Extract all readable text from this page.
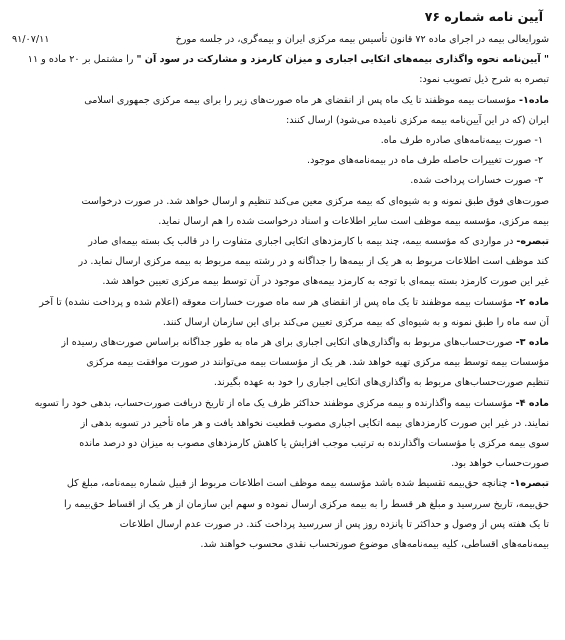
آیین نامه شماره ۷۶
شورایعالی بیمه در اجرای ماده ۷۲ قانون تأسیس بیمه مرکزی ایران و بیمه‌گری، در جلسه مورخ
۹۱/۰۷/۱۱
" آیین‌نامه نحوه واگذاری بیمه‌های اتکایی اجباری و میزان کارمزد و مشارکت در سود آن " را مشتمل بر ۲۰ ماده و ۱۱
تبصره به شرح ذیل تصویب نمود:
ماده۱- مؤسسات بیمه موظفند تا یک ماه پس از انقضای هر ماه صورت‌های زیر را برای بیمه مرکزی جمهوری اسلامی
ایران (که در این آیین‌نامه بیمه مرکزی نامیده می‌شود) ارسال کنند:
۱- صورت بیمه‌نامه‌های صادره طرف ماه.
۲- صورت تغییرات حاصله طرف ماه در بیمه‌نامه‌های موجود.
۳- صورت خسارات پرداخت شده.
صورت‌های فوق طبق نمونه و به شیوه‌ای که بیمه مرکزی معین می‌کند تنظیم و ارسال خواهد شد. در صورت درخواست
بیمه مرکزی، مؤسسه بیمه موظف است سایر اطلاعات و اسناد درخواست شده را هم ارسال نماید.
تبصره- در مواردی که مؤسسه بیمه، چند بیمه با کارمزدهای اتکایی اجباری متفاوت را در قالب یک بسته بیمه‌ای صادر
کند موظف است اطلاعات مربوط به هر یک از بیمه‌ها را جداگانه و در رشته بیمه مربوط به بیمه مرکزی ارسال نماید. در
غیر این صورت کارمزد بسته بیمه‌ای با توجه به کارمزد بیمه‌های موجود در آن توسط بیمه مرکزی تعیین خواهد شد.
ماده ۲- مؤسسات بیمه موظفند تا یک ماه پس از انقضای هر سه ماه صورت خسارات معوقه (اعلام شده و پرداخت نشده) تا آخر
آن سه ماه را طبق نمونه و به شیوه‌ای که بیمه مرکزی تعیین می‌کند برای این سازمان ارسال کنند.
ماده ۳- صورت‌حساب‌های مربوط به واگذاری‌های اتکایی اجباری برای هر ماه به طور جداگانه براساس صورت‌های رسیده از
مؤسسات بیمه توسط بیمه مرکزی تهیه خواهد شد. هر یک از مؤسسات بیمه می‌توانند در صورت موافقت بیمه مرکزی
تنظیم صورت‌حساب‌های مربوط به واگذاری‌های اتکایی اجباری را خود به عهده بگیرند.
ماده ۴- مؤسسات بیمه واگذارنده و بیمه مرکزی موظفند حداکثر ظرف یک ماه از تاریخ دریافت صورت‌حساب، بدهی خود را تسویه
نمایند. در غیر این صورت کارمزدهای بیمه اتکایی اجباری مصوب قطعیت نخواهد یافت و هر ماه تأخیر در تسویه بدهی از
سوی بیمه مرکزی یا مؤسسات واگذارنده به ترتیب موجب افزایش یا کاهش کارمزدهای مصوب به میزان دو درصد مانده
صورت‌حساب خواهد بود.
تبصره۱- چنانچه حق‌بیمه تقسیط شده باشد مؤسسه بیمه موظف است اطلاعات مربوط از قبیل شماره بیمه‌نامه، مبلغ کل
حق‌بیمه، تاریخ سررسید و مبلغ هر قسط را به بیمه مرکزی ارسال نموده و سهم این سازمان از هر یک از اقساط حق‌بیمه را
تا یک هفته پس از وصول و حداکثر تا پانزده روز پس از سررسید پرداخت کند. در صورت عدم ارسال اطلاعات
بیمه‌نامه‌های اقساطی، کلیه بیمه‌نامه‌های موضوع صورتحساب نقدی محسوب خواهند شد.
